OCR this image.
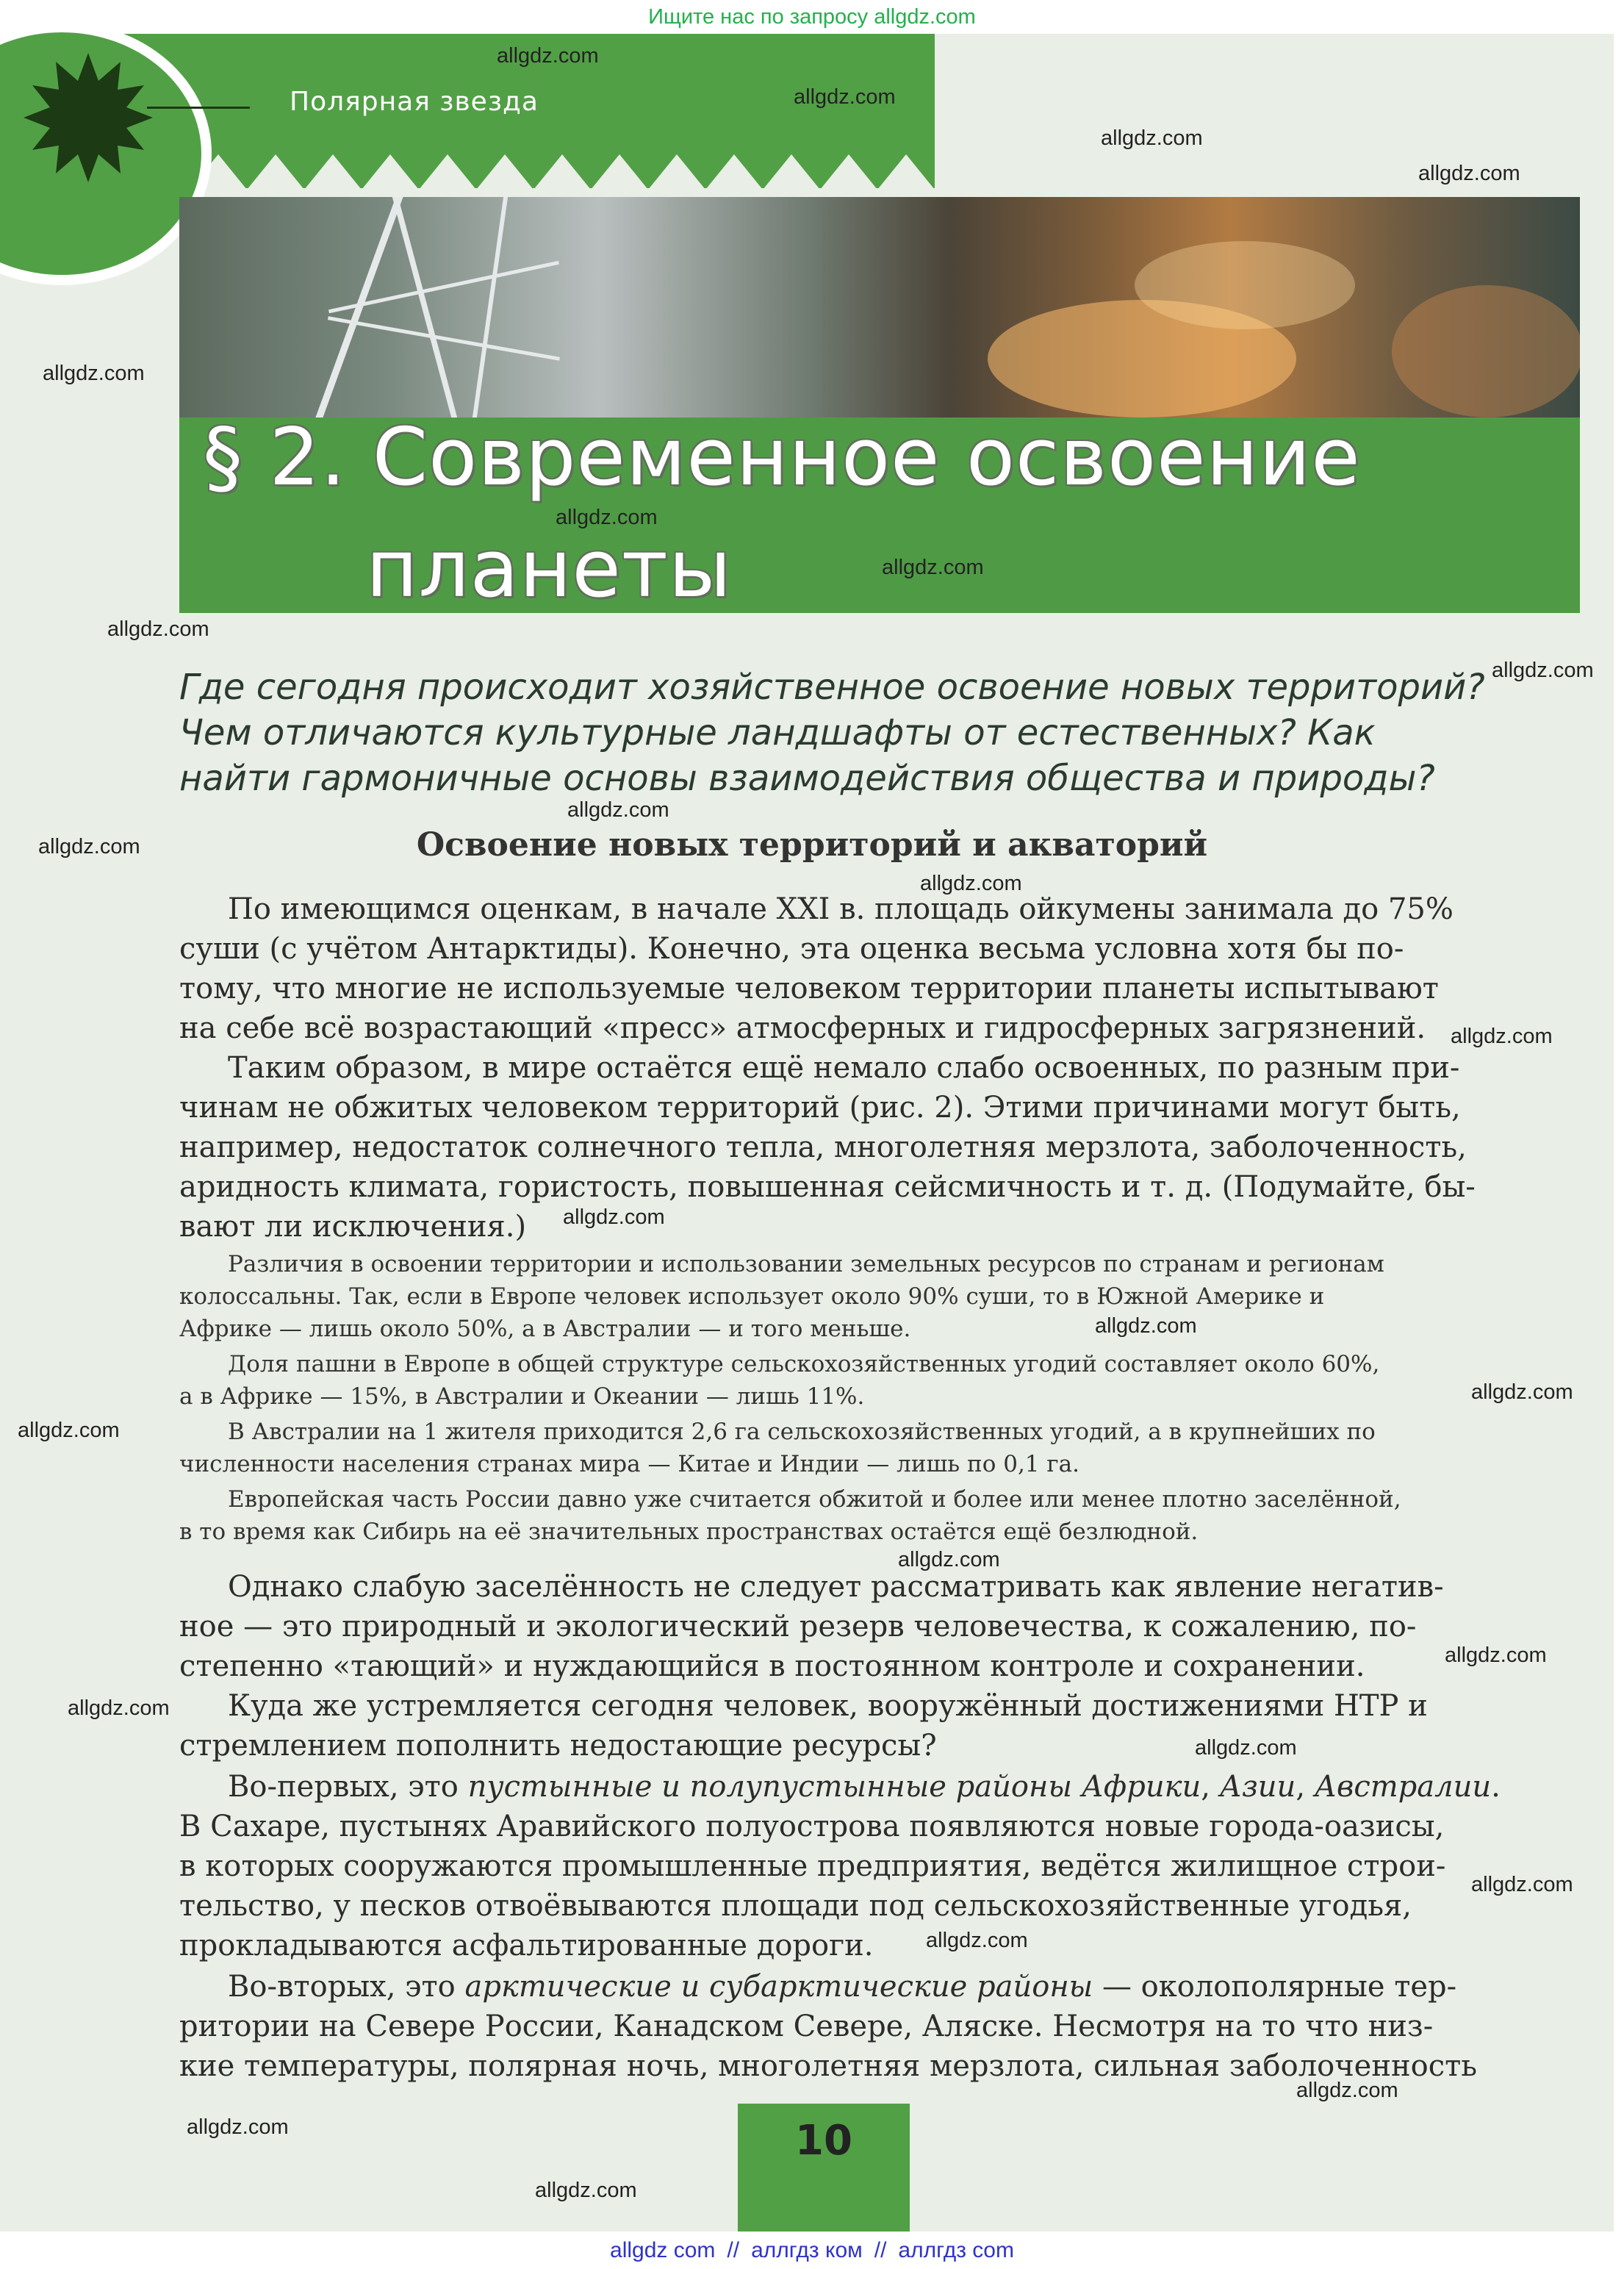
Ищите нас по запросу allgdz.com
Полярная звезда
§ 2. Современное освоение
планеты
Где сегодня происходит хозяйственное освоение новых территорий?
Чем отличаются культурные ландшафты от естественных? Как
найти гармоничные основы взаимодействия общества и природы?
Освоение новых территорий и акваторий
По имеющимся оценкам, в начале XXI в. площадь ойкумены занимала до 75%
суши (с учётом Антарктиды). Конечно, эта оценка весьма условна хотя бы по-
тому, что многие не используемые человеком территории планеты испытывают
на себе всё возрастающий «пресс» атмосферных и гидросферных загрязнений.
Таким образом, в мире остаётся ещё немало слабо освоенных, по разным при-
чинам не обжитых человеком территорий (рис. 2). Этими причинами могут быть,
например, недостаток солнечного тепла, многолетняя мерзлота, заболоченность,
аридность климата, гористость, повышенная сейсмичность и т. д. (Подумайте, бы-
вают ли исключения.)
Различия в освоении территории и использовании земельных ресурсов по странам и регионам
колоссальны. Так, если в Европе человек использует около 90% суши, то в Южной Америке и
Африке — лишь около 50%, а в Австралии — и того меньше.
Доля пашни в Европе в общей структуре сельскохозяйственных угодий составляет около 60%,
а в Африке — 15%, в Австралии и Океании — лишь 11%.
В Австралии на 1 жителя приходится 2,6 га сельскохозяйственных угодий, а в крупнейших по
численности населения странах мира — Китае и Индии — лишь по 0,1 га.
Европейская часть России давно уже считается обжитой и более или менее плотно заселённой,
в то время как Сибирь на её значительных пространствах остаётся ещё безлюдной.
Однако слабую заселённость не следует рассматривать как явление негатив-
ное — это природный и экологический резерв человечества, к сожалению, по-
степенно «тающий» и нуждающийся в постоянном контроле и сохранении.
Куда же устремляется сегодня человек, вооружённый достижениями НТР и
стремлением пополнить недостающие ресурсы?
Во-первых, это пустынные и полупустынные районы Африки, Азии, Австралии.
В Сахаре, пустынях Аравийского полуострова появляются новые города-оазисы,
в которых сооружаются промышленные предприятия, ведётся жилищное строи-
тельство, у песков отвоёвываются площади под сельскохозяйственные угодья,
прокладываются асфальтированные дороги.
Во-вторых, это арктические и субарктические районы — околополярные тер-
ритории на Севере России, Канадском Севере, Аляске. Несмотря на то что низ-
кие температуры, полярная ночь, многолетняя мерзлота, сильная заболоченность
10
allgdz.com
allgdz.com
allgdz.com
allgdz.com
allgdz.com
allgdz.com
allgdz.com
allgdz.com
allgdz.com
allgdz.com
allgdz.com
allgdz.com
allgdz.com
allgdz.com
allgdz.com
allgdz.com
allgdz.com
allgdz.com
allgdz.com
allgdz.com
allgdz.com
allgdz.com
allgdz.com
allgdz.com
allgdz.com
allgdz.com
allgdz com // аллгдз ком // аллгдз com
